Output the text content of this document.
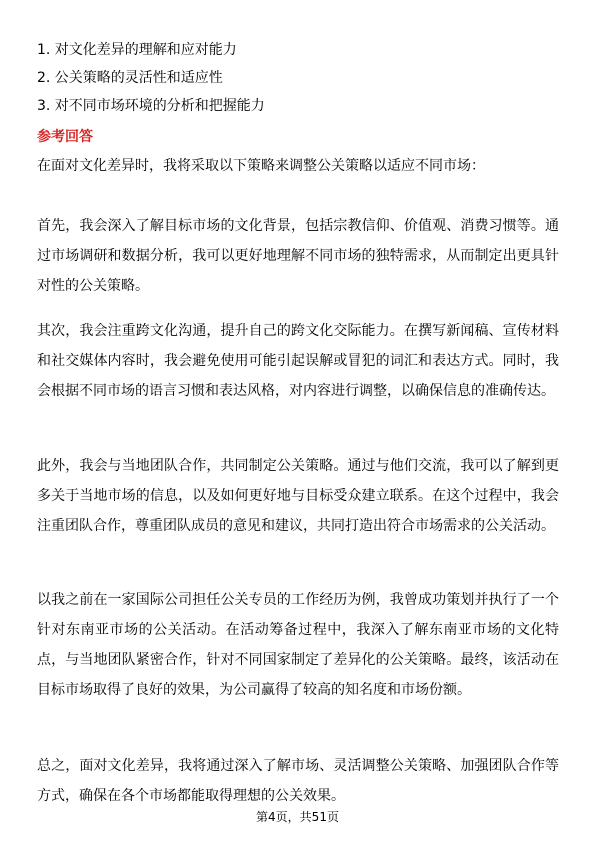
1. 对文化差异的理解和应对能力
2. 公关策略的灵活性和适应性
3. 对不同市场环境的分析和把握能力
参考回答

在面对文化差异时，我将采取以下策略来调整公关策略以适应不同市场：

首先，我会深入了解目标市场的文化背景，包括宗教信仰、价值观、消费习惯等。通过市场调研和数据分析，我可以更好地理解不同市场的独特需求，从而制定出更具针对性的公关策略。

其次，我会注重跨文化沟通，提升自己的跨文化交际能力。在撰写新闻稿、宣传材料和社交媒体内容时，我会避免使用可能引起误解或冒犯的词汇和表达方式。同时，我会根据不同市场的语言习惯和表达风格，对内容进行调整，以确保信息的准确传达。

此外，我会与当地团队合作，共同制定公关策略。通过与他们交流，我可以了解到更多关于当地市场的信息，以及如何更好地与目标受众建立联系。在这个过程中，我会注重团队合作，尊重团队成员的意见和建议，共同打造出符合市场需求的公关活动。

以我之前在一家国际公司担任公关专员的工作经历为例，我曾成功策划并执行了一个针对东南亚市场的公关活动。在活动筹备过程中，我深入了解东南亚市场的文化特点，与当地团队紧密合作，针对不同国家制定了差异化的公关策略。最终，该活动在目标市场取得了良好的效果，为公司赢得了较高的知名度和市场份额。

总之，面对文化差异，我将通过深入了解市场、灵活调整公关策略、加强团队合作等方式，确保在各个市场都能取得理想的公关效果。

第4页，共51页
